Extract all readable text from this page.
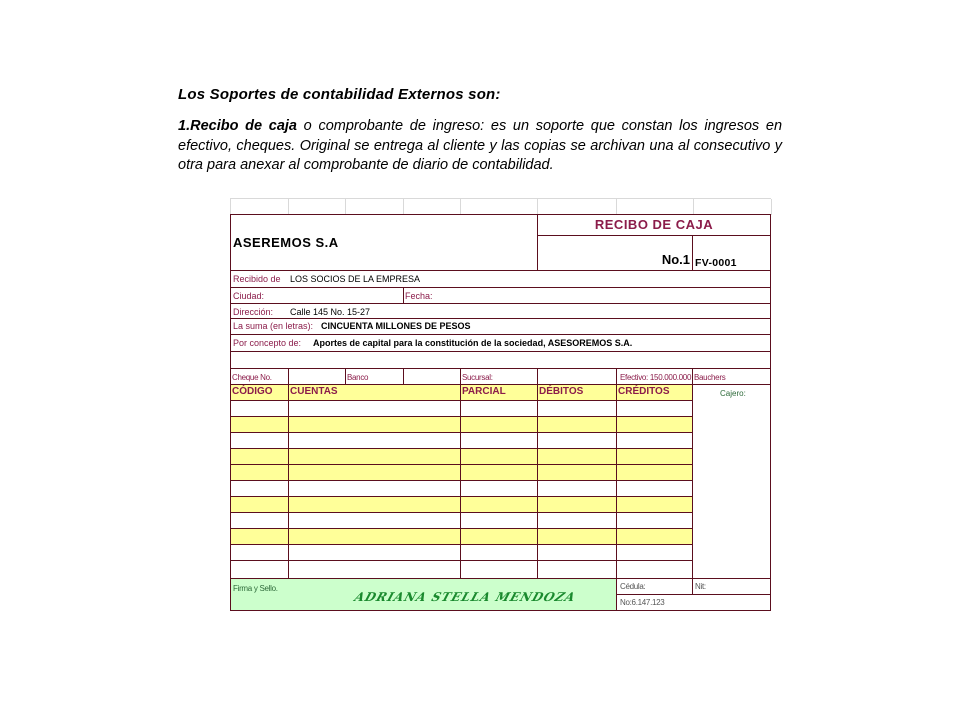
Los Soportes de contabilidad Externos son:

1.Recibo de caja o comprobante de ingreso: es un soporte que constan los ingresos en efectivo, cheques. Original se entrega al cliente y las copias se archivan una al consecutivo y otra para anexar al comprobante de diario de contabilidad.

ASEREMOS S.A
RECIBO DE CAJA
No.1 FV-0001
Recibido de LOS SOCIOS DE LA EMPRESA
Ciudad:	Fecha:
Dirección: Calle 145 No. 15-27
La suma (en letras): CINCUENTA MILLONES DE PESOS
Por concepto de: Aportes de capital para la constitución de la sociedad, ASESOREMOS S.A.
Cheque No.	Banco	Sucursal:	Efectivo: 150.000.000 Bauchers
CÓDIGO CUENTAS	PARCIAL	DÉBITOS	CRÉDITOS	Cajero:
Firma y Sello.
ADRIANA STELLA MENDOZA
Cédula:	Nit:
No:6.147.123
